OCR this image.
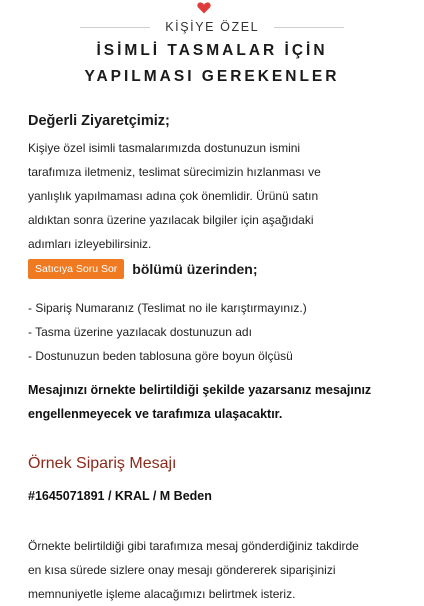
KİŞİYE ÖZEL
İSİMLİ TASMALAR İÇİN
YAPILMASI GEREKENLER
Değerli Ziyaretçimiz;
Kişiye özel isimli tasmalarımızda dostunuzun ismini
tarafımıza iletmeniz, teslimat sürecimizin hızlanması ve
yanlışlık yapılmaması adına çok önemlidir. Ürünü satın
aldıktan sonra üzerine yazılacak bilgiler için aşağıdaki
adımları izleyebilirsiniz.
Satıcıya Soru Sor	bölümü üzerinden;
- Sipariş Numaranız (Teslimat no ile karıştırmayınız.)
- Tasma üzerine yazılacak dostunuzun adı
- Dostunuzun beden tablosuna göre boyun ölçüsü
Mesajınızı örnekte belirtildiği şekilde yazarsanız mesajınız
engellenmeyecek ve tarafımıza ulaşacaktır.
Örnek Sipariş Mesajı
#1645071891 / KRAL / M Beden
Örnekte belirtildiği gibi tarafımıza mesaj gönderdiğiniz takdirde
en kısa sürede sizlere onay mesajı göndererek siparişinizi
memnuniyetle işleme alacağımızı belirtmek isteriz.
